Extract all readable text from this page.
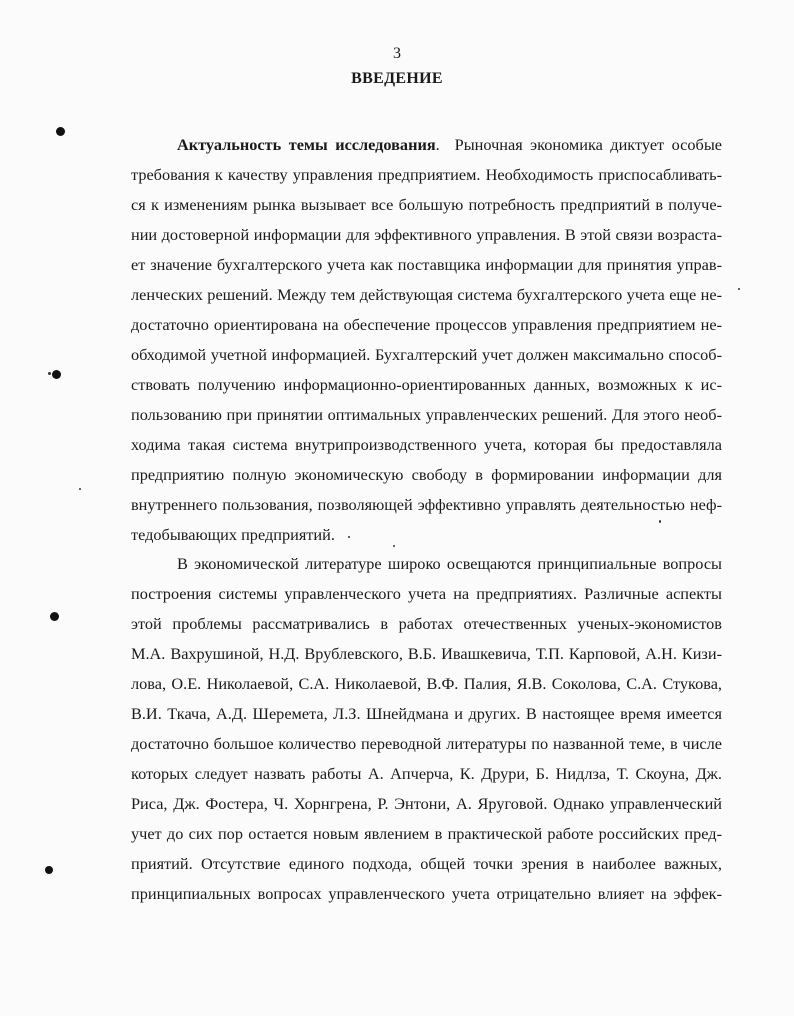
3
ВВЕДЕНИЕ
Актуальность темы исследования. Рыночная экономика диктует особые
требования к качеству управления предприятием. Необходимость приспосабливать-
ся к изменениям рынка вызывает все большую потребность предприятий в получе-
нии достоверной информации для эффективного управления. В этой связи возраста-
ет значение бухгалтерского учета как поставщика информации для принятия управ-
ленческих решений. Между тем действующая система бухгалтерского учета еще не-
достаточно ориентирована на обеспечение процессов управления предприятием не-
обходимой учетной информацией. Бухгалтерский учет должен максимально способ-
ствовать получению информационно-ориентированных данных, возможных к ис-
пользованию при принятии оптимальных управленческих решений. Для этого необ-
ходима такая система внутрипроизводственного учета, которая бы предоставляла
предприятию полную экономическую свободу в формировании информации для
внутреннего пользования, позволяющей эффективно управлять деятельностью неф-
тедобывающих предприятий.
В экономической литературе широко освещаются принципиальные вопросы
построения системы управленческого учета на предприятиях. Различные аспекты
этой проблемы рассматривались в работах отечественных ученых-экономистов
М.А. Вахрушиной, Н.Д. Врублевского, В.Б. Ивашкевича, Т.П. Карповой, А.Н. Кизи-
лова, О.Е. Николаевой, С.А. Николаевой, В.Ф. Палия, Я.В. Соколова, С.А. Стукова,
В.И. Ткача, А.Д. Шеремета, Л.З. Шнейдмана и других. В настоящее время имеется
достаточно большое количество переводной литературы по названной теме, в числе
которых следует назвать работы А. Апчерча, К. Друри, Б. Нидлза, Т. Скоуна, Дж.
Риса, Дж. Фостера, Ч. Хорнгрена, Р. Энтони, А. Яруговой. Однако управленческий
учет до сих пор остается новым явлением в практической работе российских пред-
приятий. Отсутствие единого подхода, общей точки зрения в наиболее важных,
принципиальных вопросах управленческого учета отрицательно влияет на эффек-
